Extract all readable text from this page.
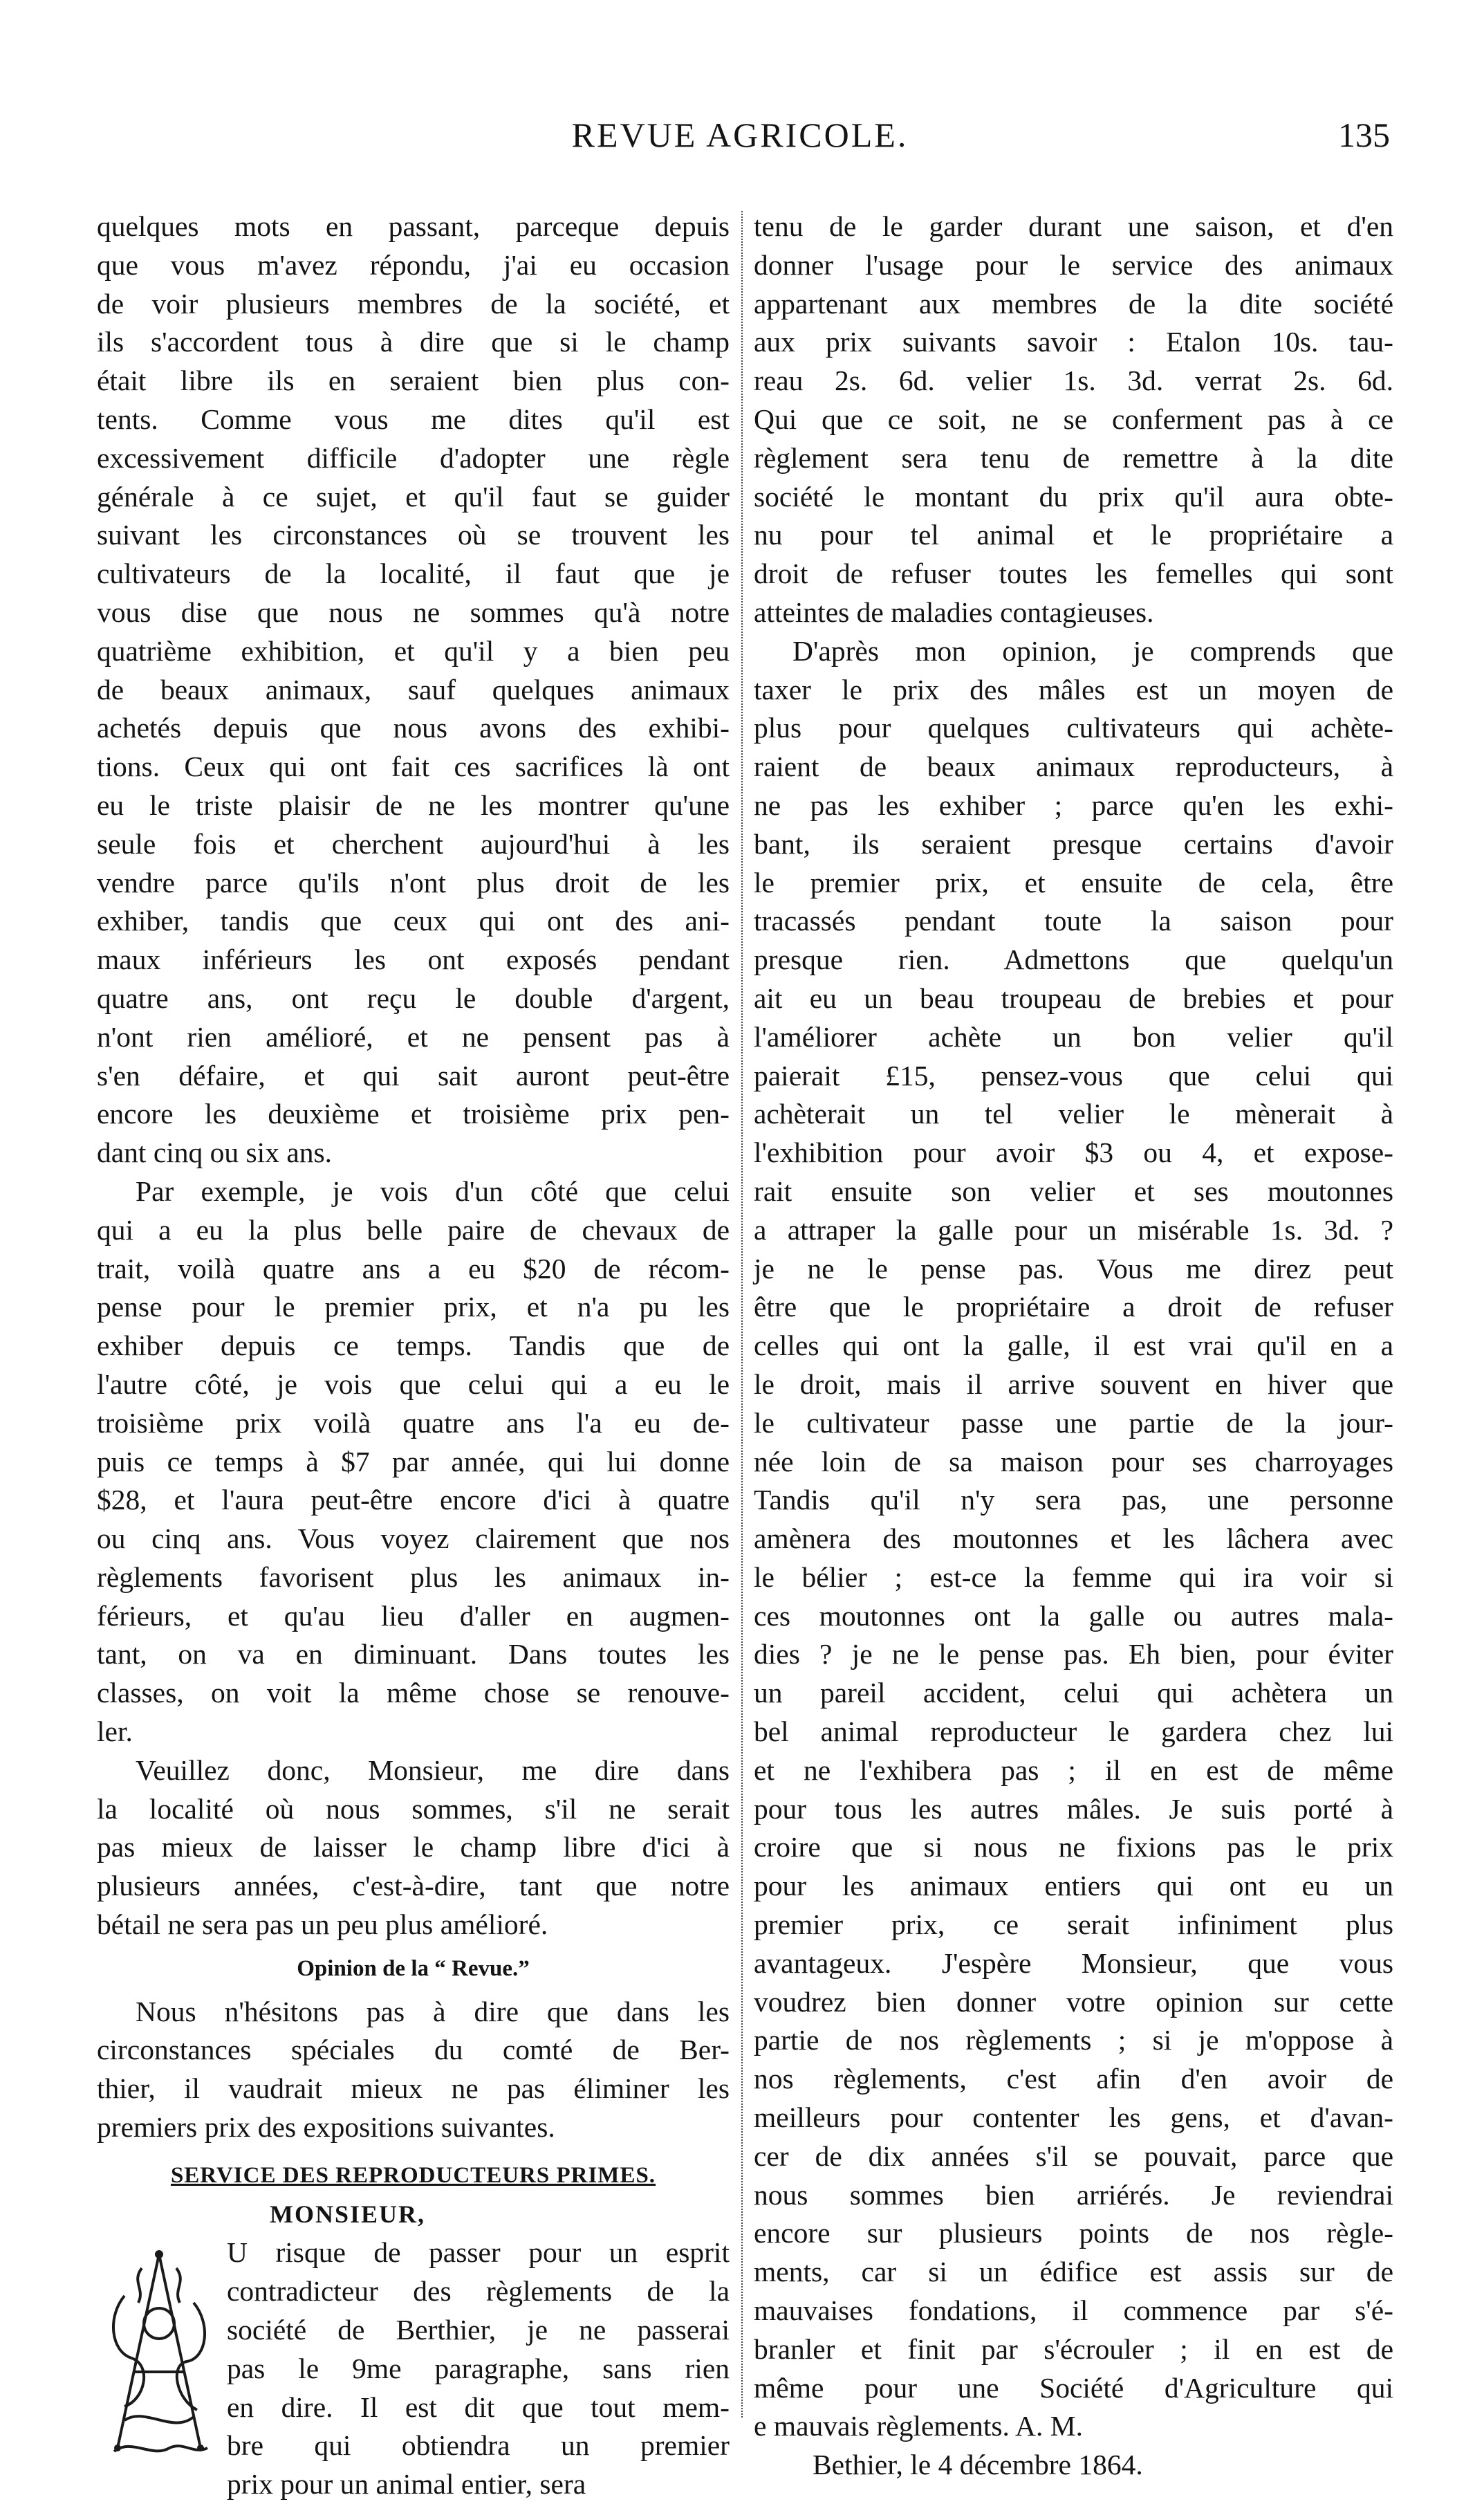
REVUE AGRICOLE.	135

quelques mots en passant, parceque depuis
que vous m'avez répondu, j'ai eu occasion
de voir plusieurs membres de la société, et
ils s'accordent tous à dire que si le champ
était libre ils en seraient bien plus con-
tents. Comme vous me dites qu'il est
excessivement difficile d'adopter une règle
générale à ce sujet, et qu'il faut se guider
suivant les circonstances où se trouvent les
cultivateurs de la localité, il faut que je
vous dise que nous ne sommes qu'à notre
quatrième exhibition, et qu'il y a bien peu
de beaux animaux, sauf quelques animaux
achetés depuis que nous avons des exhibi-
tions. Ceux qui ont fait ces sacrifices là ont
eu le triste plaisir de ne les montrer qu'une
seule fois et cherchent aujourd'hui à les
vendre parce qu'ils n'ont plus droit de les
exhiber, tandis que ceux qui ont des ani-
maux inférieurs les ont exposés pendant
quatre ans, ont reçu le double d'argent,
n'ont rien amélioré, et ne pensent pas à
s'en défaire, et qui sait auront peut-être
encore les deuxième et troisième prix pen-
dant cinq ou six ans.

Par exemple, je vois d'un côté que celui
qui a eu la plus belle paire de chevaux de
trait, voilà quatre ans a eu $20 de récom-
pense pour le premier prix, et n'a pu les
exhiber depuis ce temps. Tandis que de
l'autre côté, je vois que celui qui a eu le
troisième prix voilà quatre ans l'a eu de-
puis ce temps à $7 par année, qui lui donne
$28, et l'aura peut-être encore d'ici à quatre
ou cinq ans. Vous voyez clairement que nos
règlements favorisent plus les animaux in-
férieurs, et qu'au lieu d'aller en augmen-
tant, on va en diminuant. Dans toutes les
classes, on voit la même chose se renouve-
ler.

Veuillez donc, Monsieur, me dire dans
la localité où nous sommes, s'il ne serait
pas mieux de laisser le champ libre d'ici à
plusieurs années, c'est-à-dire, tant que notre
bétail ne sera pas un peu plus amélioré.

Opinion de la “ Revue.”

Nous n'hésitons pas à dire que dans les
circonstances spéciales du comté de Ber-
thier, il vaudrait mieux ne pas éliminer les
premiers prix des expositions suivantes.

SERVICE DES REPRODUCTEURS PRIMES.
MONSIEUR,

U risque de passer pour un esprit
contradicteur des règlements de la
société de Berthier, je ne passerai
pas le 9me paragraphe, sans rien
en dire. Il est dit que tout mem-
bre qui obtiendra un premier
prix pour un animal entier, sera

tenu de le garder durant une saison, et d'en
donner l'usage pour le service des animaux
appartenant aux membres de la dite société
aux prix suivants savoir : Etalon 10s. tau-
reau 2s. 6d. velier 1s. 3d. verrat 2s. 6d.
Qui que ce soit, ne se conferment pas à ce
règlement sera tenu de remettre à la dite
société le montant du prix qu'il aura obte-
nu pour tel animal et le propriétaire a
droit de refuser toutes les femelles qui sont
atteintes de maladies contagieuses.

D'après mon opinion, je comprends que
taxer le prix des mâles est un moyen de
plus pour quelques cultivateurs qui achète-
raient de beaux animaux reproducteurs, à
ne pas les exhiber ; parce qu'en les exhi-
bant, ils seraient presque certains d'avoir
le premier prix, et ensuite de cela, être
tracassés pendant toute la saison pour
presque rien. Admettons que quelqu'un
ait eu un beau troupeau de brebies et pour
l'améliorer achète un bon velier qu'il
paierait £15, pensez-vous que celui qui
achèterait un tel velier le mènerait à
l'exhibition pour avoir $3 ou 4, et expose-
rait ensuite son velier et ses moutonnes
a attraper la galle pour un misérable 1s. 3d. ?
je ne le pense pas. Vous me direz peut
être que le propriétaire a droit de refuser
celles qui ont la galle, il est vrai qu'il en a
le droit, mais il arrive souvent en hiver que
le cultivateur passe une partie de la jour-
née loin de sa maison pour ses charroyages
Tandis qu'il n'y sera pas, une personne
amènera des moutonnes et les lâchera avec
le bélier ; est-ce la femme qui ira voir si
ces moutonnes ont la galle ou autres mala-
dies ? je ne le pense pas. Eh bien, pour éviter
un pareil accident, celui qui achètera un
bel animal reproducteur le gardera chez lui
et ne l'exhibera pas ; il en est de même
pour tous les autres mâles. Je suis porté à
croire que si nous ne fixions pas le prix
pour les animaux entiers qui ont eu un
premier prix, ce serait infiniment plus
avantageux. J'espère Monsieur, que vous
voudrez bien donner votre opinion sur cette
partie de nos règlements ; si je m'oppose à
nos règlements, c'est afin d'en avoir de
meilleurs pour contenter les gens, et d'avan-
cer de dix années s'il se pouvait, parce que
nous sommes bien arriérés. Je reviendrai
encore sur plusieurs points de nos règle-
ments, car si un édifice est assis sur de
mauvaises fondations, il commence par s'é-
branler et finit par s'écrouler ; il en est de
même pour une Société d'Agriculture qui
e mauvais règlements. A. M.

Bethier, le 4 décembre 1864.
